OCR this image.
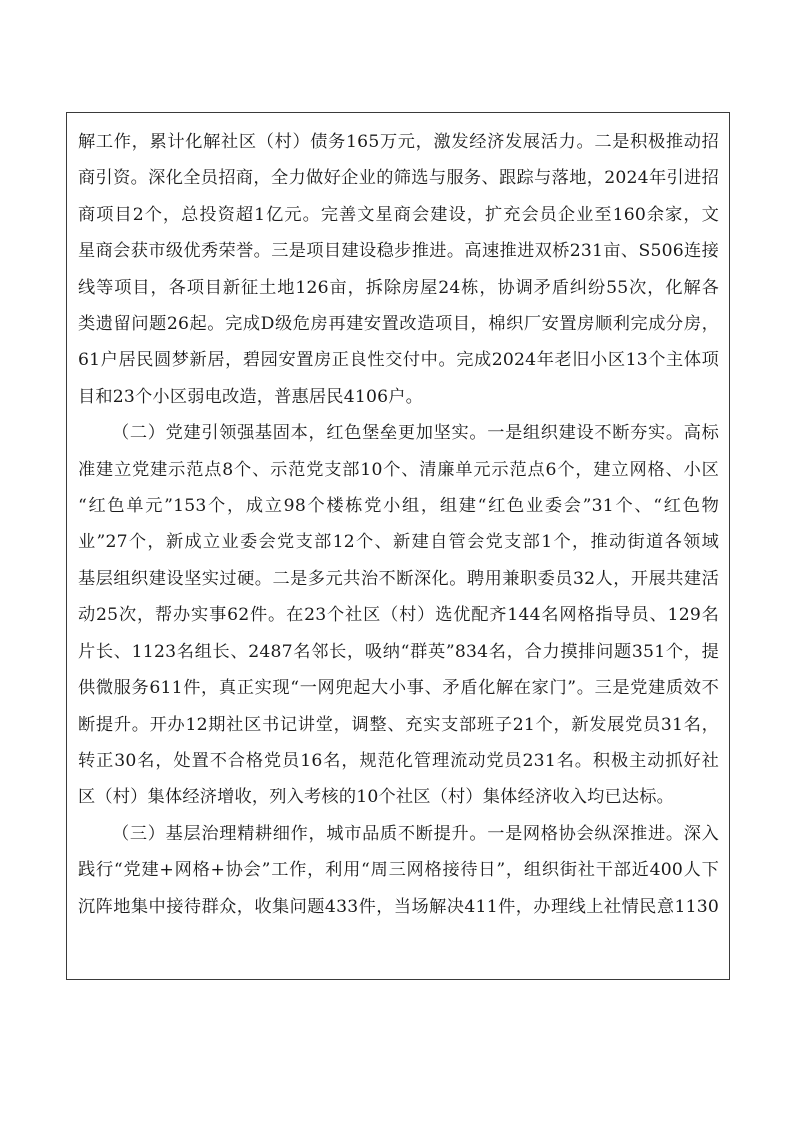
解工作，累计化解社区（村）债务165万元，激发经济发展活力。二是积极推动招

商引资。深化全员招商，全力做好企业的筛选与服务、跟踪与落地，2024年引进招

商项目2个，总投资超1亿元。完善文星商会建设，扩充会员企业至160余家，文

星商会获市级优秀荣誉。三是项目建设稳步推进。高速推进双桥231亩、S506连接

线等项目，各项目新征土地126亩，拆除房屋24栋，协调矛盾纠纷55次，化解各

类遗留问题26起。完成D级危房再建安置改造项目，棉织厂安置房顺利完成分房，

61户居民圆梦新居，碧园安置房正良性交付中。完成2024年老旧小区13个主体项

目和23个小区弱电改造，普惠居民4106户。

（二）党建引领强基固本，红色堡垒更加坚实。一是组织建设不断夯实。高标

准建立党建示范点8个、示范党支部10个、清廉单元示范点6个，建立网格、小区

“红色单元”153个，成立98个楼栋党小组，组建“红色业委会”31个、“红色物

业”27个，新成立业委会党支部12个、新建自管会党支部1个，推动街道各领域

基层组织建设坚实过硬。二是多元共治不断深化。聘用兼职委员32人，开展共建活

动25次，帮办实事62件。在23个社区（村）选优配齐144名网格指导员、129名

片长、1123名组长、2487名邻长，吸纳“群英”834名，合力摸排问题351个，提

供微服务611件，真正实现“一网兜起大小事、矛盾化解在家门”。三是党建质效不

断提升。开办12期社区书记讲堂，调整、充实支部班子21个，新发展党员31名，

转正30名，处置不合格党员16名，规范化管理流动党员231名。积极主动抓好社

区（村）集体经济增收，列入考核的10个社区（村）集体经济收入均已达标。

（三）基层治理精耕细作，城市品质不断提升。一是网格协会纵深推进。深入

践行“党建+网格+协会”工作，利用“周三网格接待日”，组织街社干部近400人下

沉阵地集中接待群众，收集问题433件，当场解决411件，办理线上社情民意1130
